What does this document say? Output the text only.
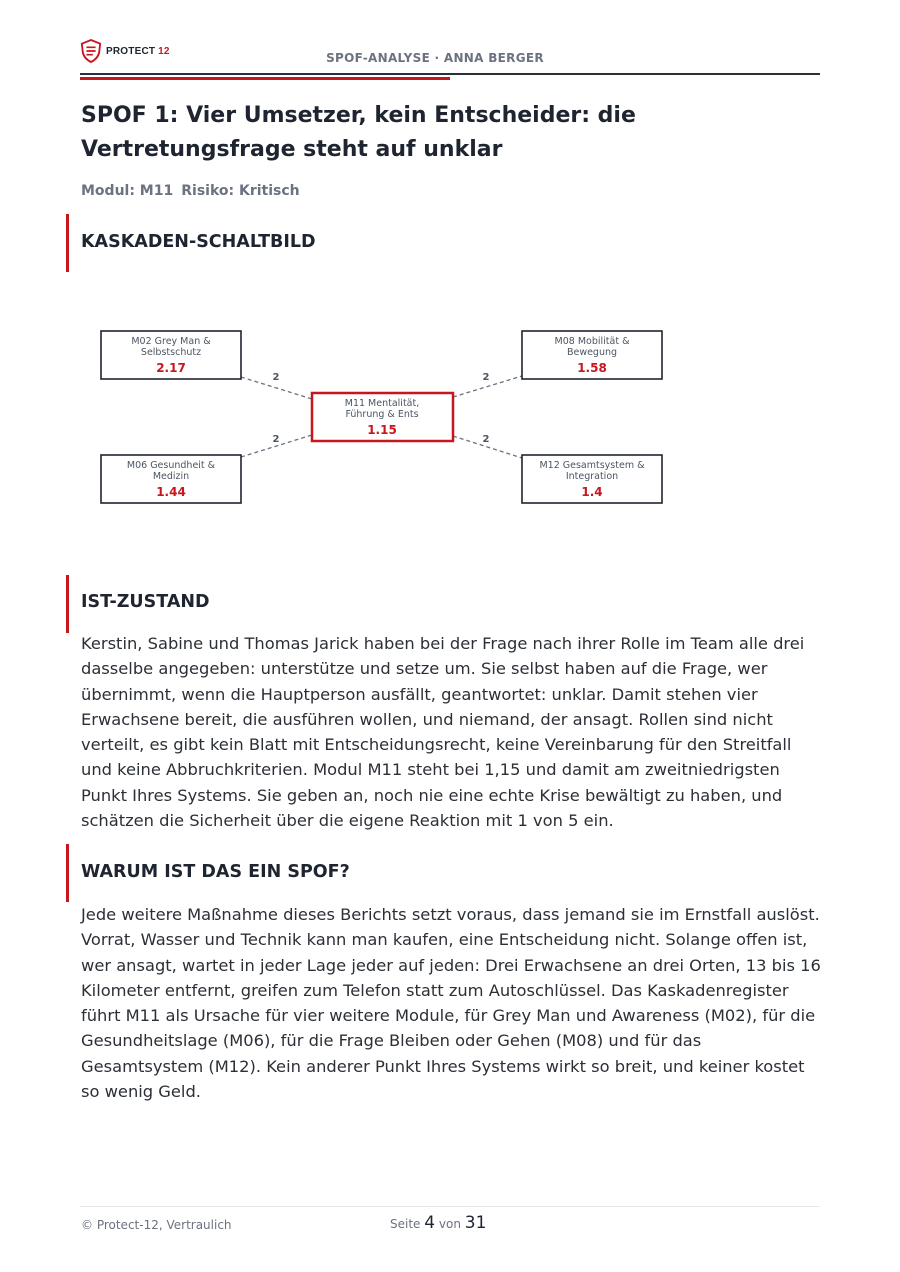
PROTECT 12	SPOF-ANALYSE · ANNA BERGER
SPOF 1: Vier Umsetzer, kein Entscheider: die Vertretungsfrage steht auf unklar
Modul: M11 Risiko: Kritisch
KASKADEN-SCHALTBILD
2	2
2	2
M02 Grey Man &
Selbstschutz
2.17
M08 Mobilität &
Bewegung
1.58
M06 Gesundheit &
Medizin
1.44
M12 Gesamtsystem &
Integration
1.4
M11 Mentalität,
Führung & Ents
1.15
IST-ZUSTAND

Kerstin, Sabine und Thomas Jarick haben bei der Frage nach ihrer Rolle im Team alle drei dasselbe angegeben: unterstütze und setze um. Sie selbst haben auf die Frage, wer übernimmt, wenn die Hauptperson ausfällt, geantwortet: unklar. Damit stehen vier Erwachsene bereit, die ausführen wollen, und niemand, der ansagt. Rollen sind nicht verteilt, es gibt kein Blatt mit Entscheidungsrecht, keine Vereinbarung für den Streitfall und keine Abbruchkriterien. Modul M11 steht bei 1,15 und damit am zweitniedrigsten Punkt Ihres Systems. Sie geben an, noch nie eine echte Krise bewältigt zu haben, und schätzen die Sicherheit über die eigene Reaktion mit 1 von 5 ein.

WARUM IST DAS EIN SPOF?

Jede weitere Maßnahme dieses Berichts setzt voraus, dass jemand sie im Ernstfall auslöst. Vorrat, Wasser und Technik kann man kaufen, eine Entscheidung nicht. Solange offen ist, wer ansagt, wartet in jeder Lage jeder auf jeden: Drei Erwachsene an drei Orten, 13 bis 16 Kilometer entfernt, greifen zum Telefon statt zum Autoschlüssel. Das Kaskadenregister führt M11 als Ursache für vier weitere Module, für Grey Man und Awareness (M02), für die Gesundheitslage (M06), für die Frage Bleiben oder Gehen (M08) und für das Gesamtsystem (M12). Kein anderer Punkt Ihres Systems wirkt so breit, und keiner kostet so wenig Geld.

© Protect-12, Vertraulich	Seite 4 von 31
